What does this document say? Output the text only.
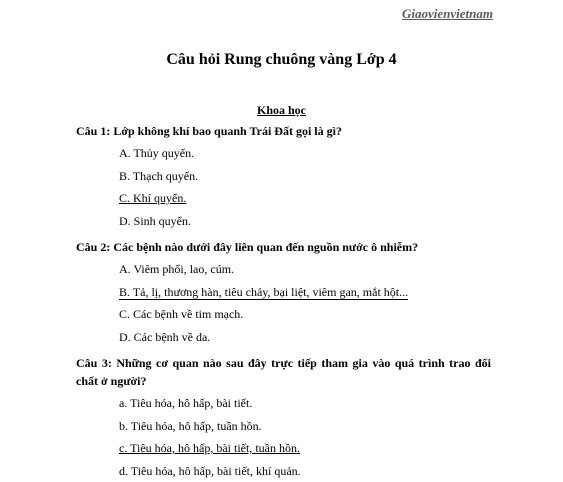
Giaovienvietnam
Câu hỏi Rung chuông vàng Lớp 4
Khoa học

Câu 1: Lớp không khí bao quanh Trái Đất gọi là gì?

A. Thủy quyển.

B. Thạch quyển.

C. Khí quyển.

D. Sinh quyển.

Câu 2: Các bệnh nào dưới đây liên quan đến nguồn nước ô nhiễm?

A. Viêm phổi, lao, cúm.

B. Tả, lị, thương hàn, tiêu chảy, bại liệt, viêm gan, mắt hột...

C. Các bệnh về tim mạch.

D. Các bệnh về da.

Câu 3: Những cơ quan nào sau đây trực tiếp tham gia vào quá trình trao đổi chất ở người?

a. Tiêu hóa, hô hấp, bài tiết.

b. Tiêu hóa, hô hấp, tuần hồn.

c. Tiêu hóa, hô hấp, bài tiết, tuần hồn.

d. Tiêu hóa, hô hấp, bài tiết, khí quản.
